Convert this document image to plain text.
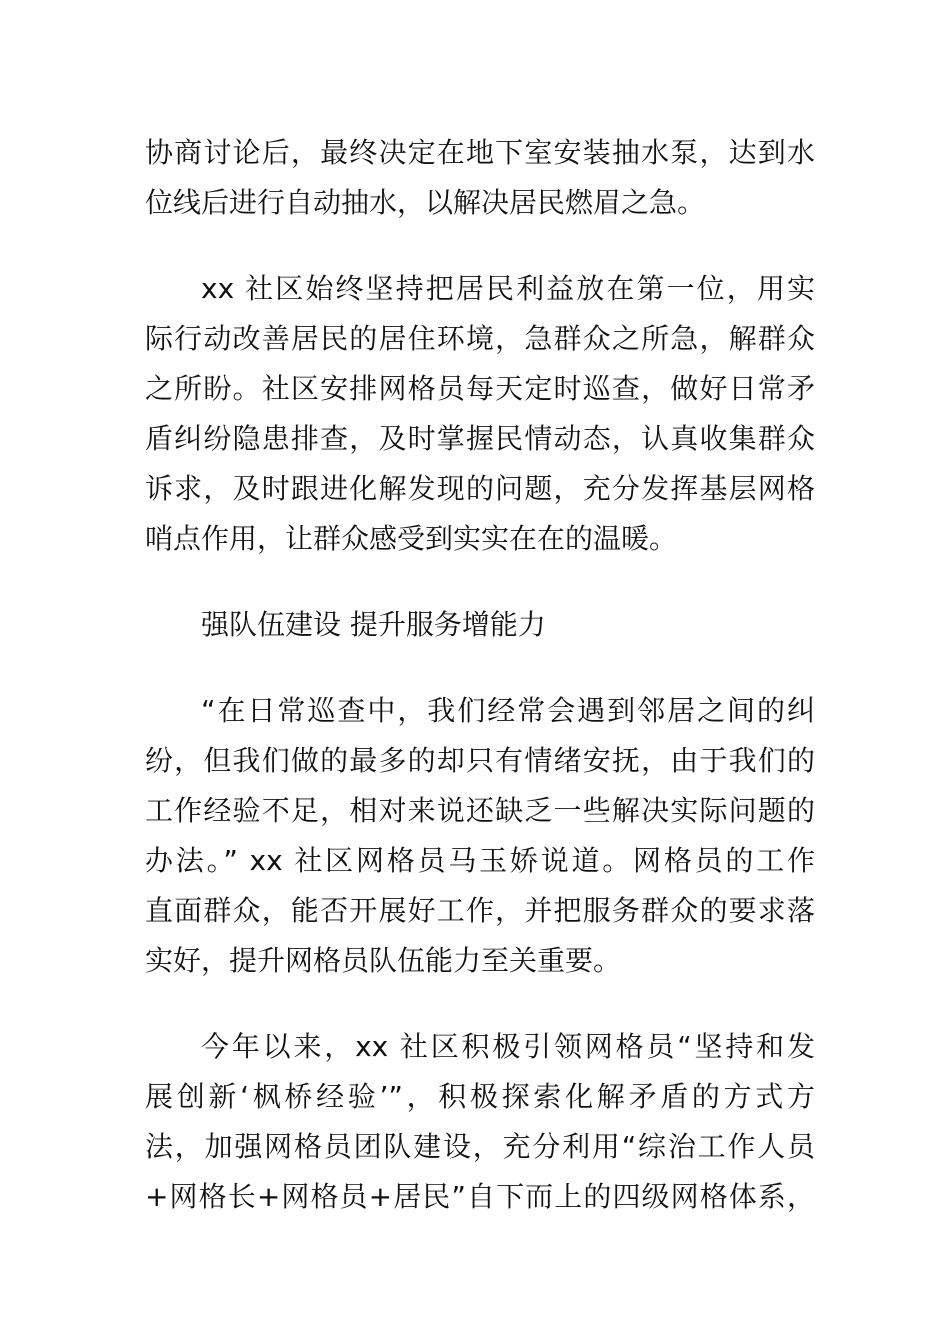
协商讨论后，最终决定在地下室安装抽水泵，达到水
位线后进行自动抽水，以解决居民燃眉之急。
xx 社区始终坚持把居民利益放在第一位，用实
际行动改善居民的居住环境，急群众之所急，解群众
之所盼。社区安排网格员每天定时巡查，做好日常矛
盾纠纷隐患排查，及时掌握民情动态，认真收集群众
诉求，及时跟进化解发现的问题，充分发挥基层网格
哨点作用，让群众感受到实实在在的温暖。
强队伍建设 提升服务增能力
“在日常巡查中，我们经常会遇到邻居之间的纠
纷，但我们做的最多的却只有情绪安抚，由于我们的
工作经验不足，相对来说还缺乏一些解决实际问题的
办法。” xx 社区网格员马玉娇说道。网格员的工作
直面群众，能否开展好工作，并把服务群众的要求落
实好，提升网格员队伍能力至关重要。
今年以来，xx 社区积极引领网格员“坚持和发
展创新‘枫桥经验’”，积极探索化解矛盾的方式方
法，加强网格员团队建设，充分利用“综治工作人员
+网格长+网格员+居民”自下而上的四级网格体系，
